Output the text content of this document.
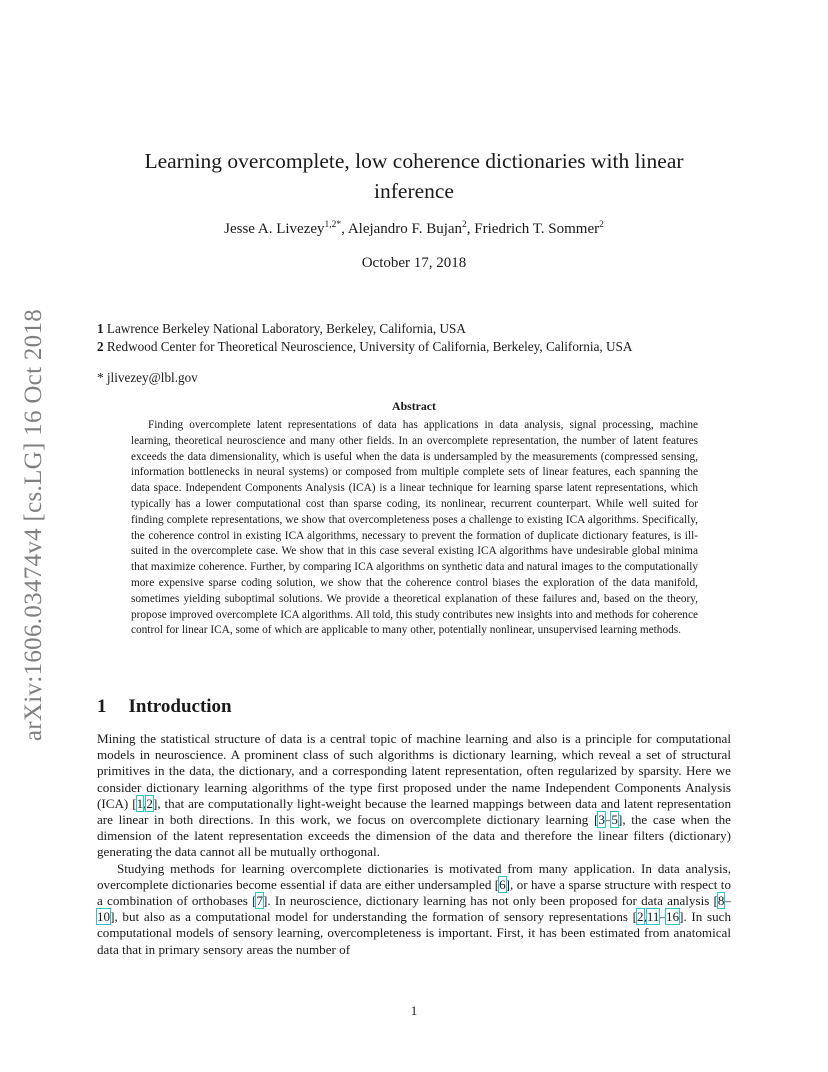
arXiv:1606.03474v4 [cs.LG] 16 Oct 2018
Learning overcomplete, low coherence dictionaries with linear inference
Jesse A. Livezey$^{1,2*}$, Alejandro F. Bujan$^2$, Friedrich T. Sommer$^2$
October 17, 2018
1 Lawrence Berkeley National Laboratory, Berkeley, California, USA
2 Redwood Center for Theoretical Neuroscience, University of California, Berkeley, California, USA
* jlivezey@lbl.gov
Abstract
Finding overcomplete latent representations of data has applications in data analysis, signal processing, machine learning, theoretical neuroscience and many other fields. In an overcomplete representation, the number of latent features exceeds the data dimensionality, which is useful when the data is undersampled by the measurements (compressed sensing, information bottlenecks in neural systems) or composed from multiple complete sets of linear features, each spanning the data space. Independent Components Analysis (ICA) is a linear technique for learning sparse latent representations, which typically has a lower computational cost than sparse coding, its nonlinear, recurrent counterpart. While well suited for finding complete representations, we show that overcompleteness poses a challenge to existing ICA algorithms. Specifically, the coherence control in existing ICA algorithms, necessary to prevent the formation of duplicate dictionary features, is ill-suited in the overcomplete case. We show that in this case several existing ICA algorithms have undesirable global minima that maximize coherence. Further, by comparing ICA algorithms on synthetic data and natural images to the computationally more expensive sparse coding solution, we show that the coherence control biases the exploration of the data manifold, sometimes yielding suboptimal solutions. We provide a theoretical explanation of these failures and, based on the theory, propose improved overcomplete ICA algorithms. All told, this study contributes new insights into and methods for coherence control for linear ICA, some of which are applicable to many other, potentially nonlinear, unsupervised learning methods.
1 Introduction

Mining the statistical structure of data is a central topic of machine learning and also is a principle for computational models in neuroscience. A prominent class of such algorithms is dictionary learning, which reveal a set of structural primitives in the data, the dictionary, and a corresponding latent representation, often regularized by sparsity. Here we consider dictionary learning algorithms of the type first proposed under the name Independent Components Analysis (ICA) [1,2], that are computationally light-weight because the learned mappings between data and latent representation are linear in both directions. In this work, we focus on overcomplete dictionary learning [3–5], the case when the dimension of the latent representation exceeds the dimension of the data and therefore the linear filters (dictionary) generating the data cannot all be mutually orthogonal.

Studying methods for learning overcomplete dictionaries is motivated from many application. In data analysis, overcomplete dictionaries become essential if data are either undersampled [6], or have a sparse structure with respect to a combination of orthobases [7]. In neuroscience, dictionary learning has not only been proposed for data analysis [8–10], but also as a computational model for understanding the formation of sensory representations [2,11–16]. In such computational models of sensory learning, overcompleteness is important. First, it has been estimated from anatomical data that in primary sensory areas the number of

1
